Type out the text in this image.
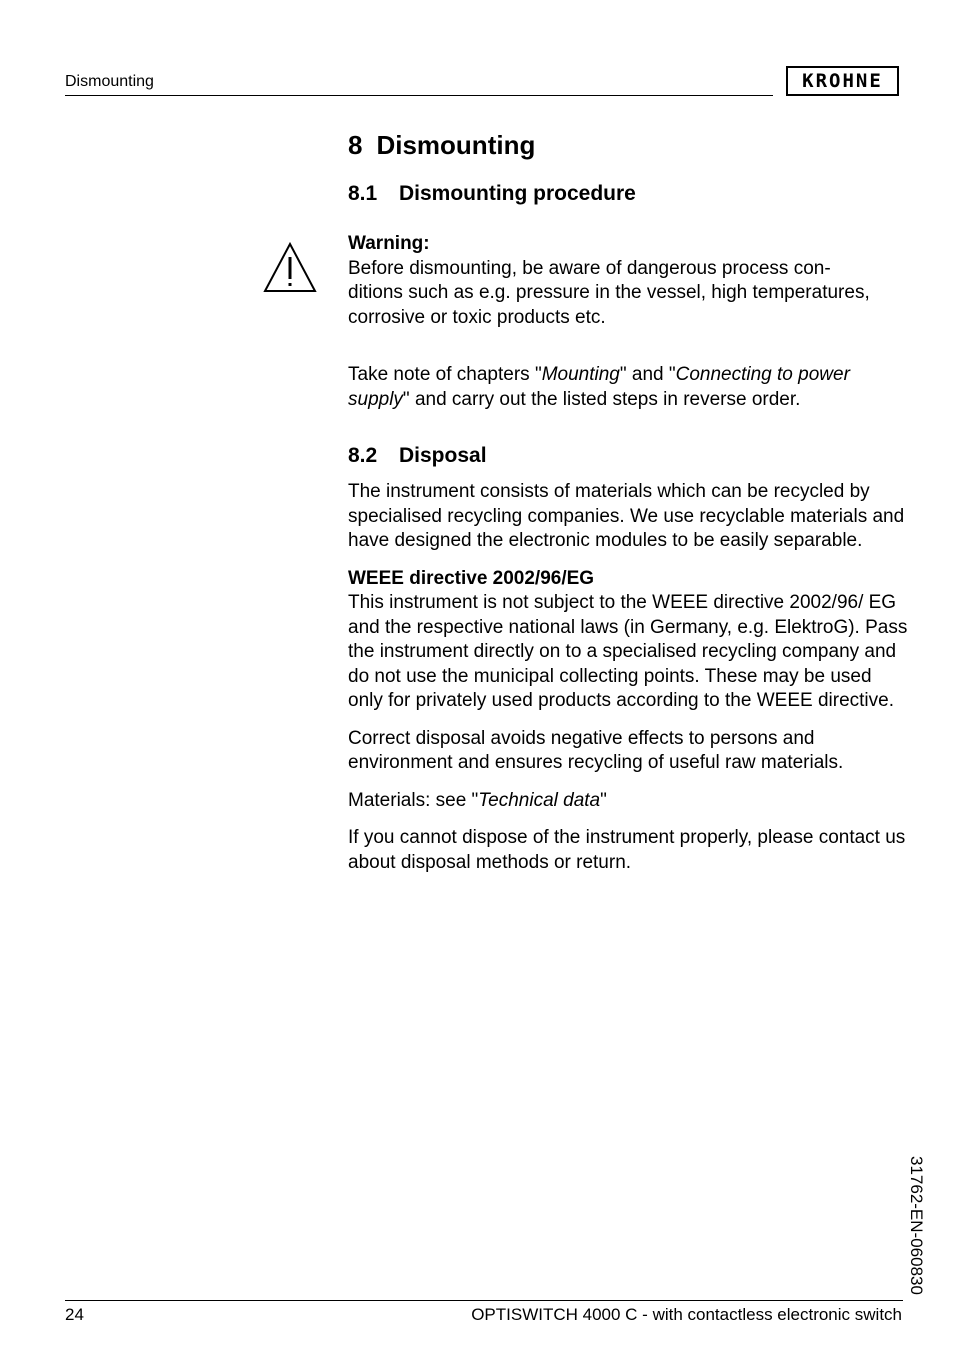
Dismounting	KROHNE
8 Dismounting
8.1 Dismounting procedure

Warning:

Before dismounting, be aware of dangerous process con-
ditions such as e.g. pressure in the vessel, high temperatures,
corrosive or toxic products etc.

Take note of chapters "Mounting" and "Connecting to power supply" and carry out the listed steps in reverse order.

8.2 Disposal

The instrument consists of materials which can be recycled by specialised recycling companies. We use recyclable materials and have designed the electronic modules to be easily separable.

WEEE directive 2002/96/EG

This instrument is not subject to the WEEE directive 2002/96/ EG and the respective national laws (in Germany, e.g. ElektroG). Pass the instrument directly on to a specialised recycling company and do not use the municipal collecting points. These may be used only for privately used products according to the WEEE directive.

Correct disposal avoids negative effects to persons and environment and ensures recycling of useful raw materials.

Materials: see "Technical data"

If you cannot dispose of the instrument properly, please contact us about disposal methods or return.

31762-EN-060830
24	OPTISWITCH 4000 C - with contactless electronic switch
